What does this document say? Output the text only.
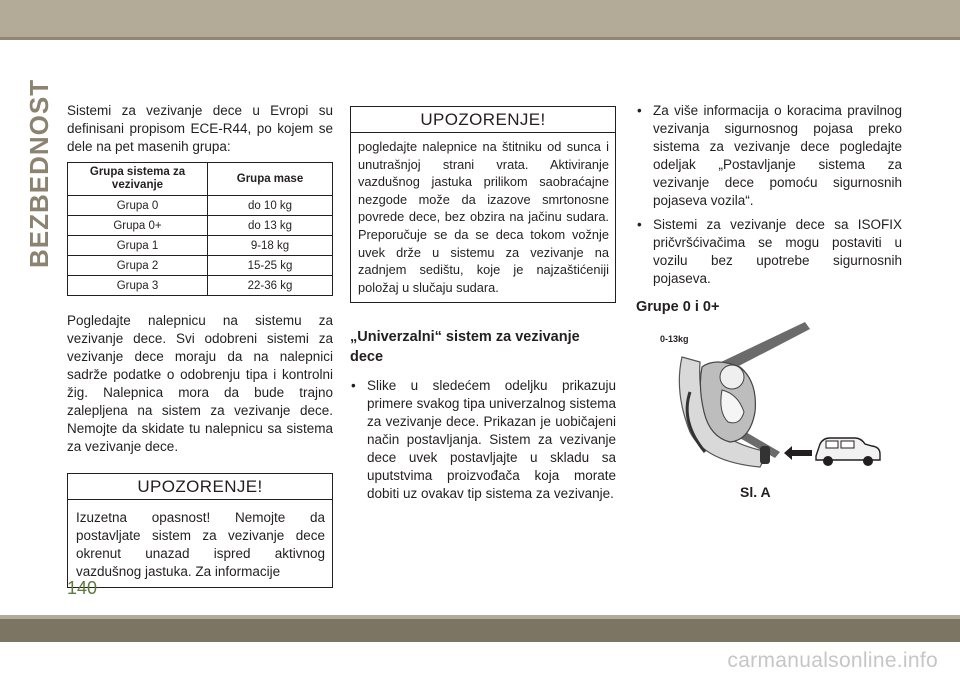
BEZBEDNOST Sistemi za vezivanje dece u Evropi su definisani propisom ECE-R44, po kojem se dele na pet masenih grupa:

Grupa sistema za vezivanje	Grupa mase
Grupa 0	do 10 kg
Grupa 0+	do 13 kg
Grupa 1	9-18 kg
Grupa 2	15-25 kg
Grupa 3	22-36 kg

Pogledajte nalepnicu na sistemu za vezivanje dece. Svi odobreni sistemi za vezivanje dece moraju da na nalepnici sadrže podatke o odobrenju tipa i kontrolni žig. Nalepnica mora da bude trajno zalepljena na sistem za vezivanje dece. Nemojte da skidate tu nalepnicu sa sistema za vezivanje dece.

UPOZORENJE!
Izuzetna opasnost! Nemojte da postavljate sistem za vezivanje dece okrenut unazad ispred aktivnog vazdušnog jastuka. Za informacije
UPOZORENJE!
pogledajte nalepnice na štitniku od sunca i unutrašnjoj strani vrata. Aktiviranje vazdušnog jastuka prilikom saobraćajne nezgode može da izazove smrtonosne povrede dece, bez obzira na jačinu sudara. Preporučuje se da se deca tokom vožnje uvek drže u sistemu za vezivanje na zadnjem sedištu, koje je najzaštićeniji položaj u slučaju sudara.
„Univerzalni“ sistem za vezivanje dece
• Slike u sledećem odeljku prikazuju primere svakog tipa univerzalnog sistema za vezivanje dece. Prikazan je uobičajeni način postavljanja. Sistem za vezivanje dece uvek postavljajte u skladu sa uputstvima proizvođača koja morate dobiti uz ovakav tip sistema za vezivanje.
• Za više informacija o koracima pravilnog vezivanja sigurnosnog pojasa preko sistema za vezivanje dece pogledajte odeljak „Postavljanje sistema za vezivanje dece pomoću sigurnosnih pojaseva vozila“.
• Sistemi za vezivanje dece sa ISOFIX pričvršćivačima se mogu postaviti u vozilu bez upotrebe sigurnosnih pojaseva.
Grupe 0 i 0+
0-13kg
Sl. A
140
carmanualsonline.info
